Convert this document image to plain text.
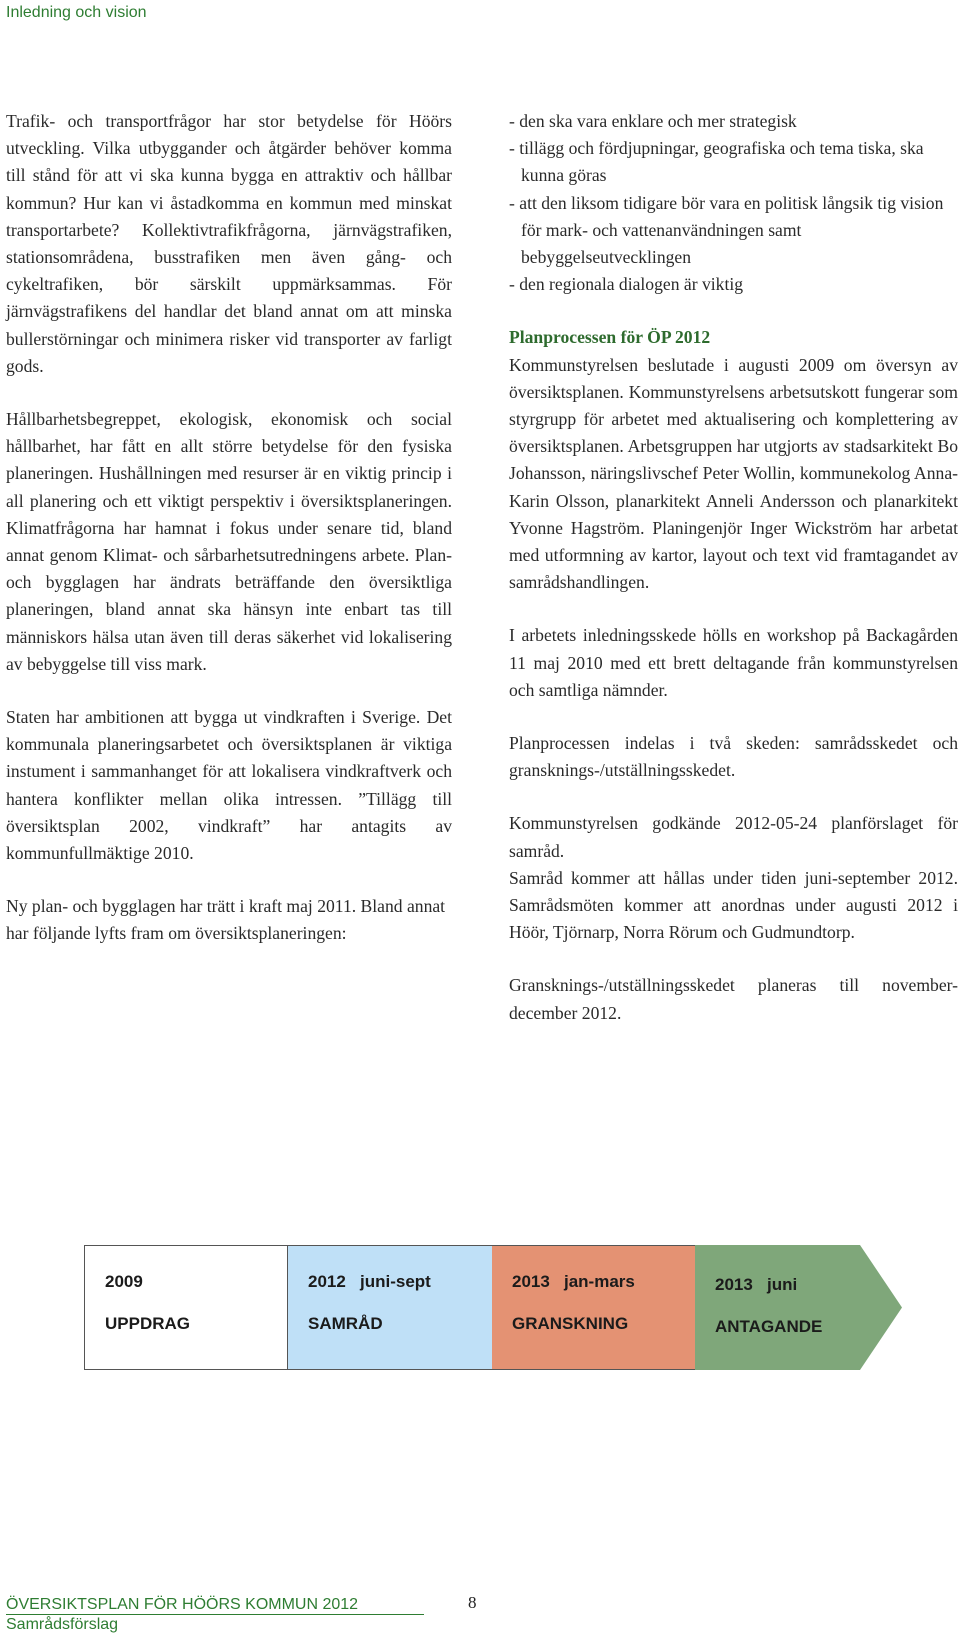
Inledning och vision

Trafik- och transportfrågor har stor betydelse för Höörs utveckling. Vilka utbyggander och åtgärder behöver komma till stånd för att vi ska kunna bygga en attraktiv och hållbar kommun? Hur kan vi åstadkomma en kommun med minskat transportarbete? Kollektivtrafikfrågorna, järnvägstrafiken, stationsområdena, busstrafiken men även gång- och cykeltrafiken, bör särskilt uppmärksammas. För järnvägstrafikens del handlar det bland annat om att minska bullerstörningar och minimera risker vid transporter av farligt gods.

Hållbarhetsbegreppet, ekologisk, ekonomisk och social hållbarhet, har fått en allt större betydelse för den fysiska planeringen. Hushållningen med resurser är en viktig princip i all planering och ett viktigt perspektiv i översiktsplaneringen. Klimatfrågorna har hamnat i fokus under senare tid, bland annat genom Klimat- och sårbarhetsutredningens arbete. Plan- och bygglagen har ändrats beträffande den översiktliga planeringen, bland annat ska hänsyn inte enbart tas till människors hälsa utan även till deras säkerhet vid lokalisering av bebyggelse till viss mark.

Staten har ambitionen att bygga ut vindkraften i Sverige. Det kommunala planeringsarbetet och översiktsplanen är viktiga instument i sammanhanget för att lokalisera vindkraftverk och hantera konflikter mellan olika intressen. ”Tillägg till översiktsplan 2002, vindkraft” har antagits av kommunfullmäktige 2010.

Ny plan- och bygglagen har trätt i kraft maj 2011. Bland annat har följande lyfts fram om översiktsplaneringen:

- den ska vara enklare och mer strategisk
- tillägg och fördjupningar, geografiska och tema tiska, ska kunna göras
- att den liksom tidigare bör vara en politisk långsik tig vision för mark- och vattenanvändningen samt bebyggelseutvecklingen
- den regionala dialogen är viktig
Planprocessen för ÖP 2012

Kommunstyrelsen beslutade i augusti 2009 om översyn av översiktsplanen. Kommunstyrelsens arbetsutskott fungerar som styrgrupp för arbetet med aktualisering och komplettering av översiktsplanen. Arbetsgruppen har utgjorts av stadsarkitekt Bo Johansson, näringslivschef Peter Wollin, kommunekolog Anna-Karin Olsson, planarkitekt Anneli Andersson och planarkitekt Yvonne Hagström. Planingenjör Inger Wickström har arbetat med utformning av kartor, layout och text vid framtagandet av samrådshandlingen.

I arbetets inledningsskede hölls en workshop på Backagården 11 maj 2010 med ett brett deltagande från kommunstyrelsen och samtliga nämnder.

Planprocessen indelas i två skeden: samrådsskedet och gransknings-/utställningsskedet.

Kommunstyrelsen godkände 2012-05-24 planförslaget för samråd.

Samråd kommer att hållas under tiden juni-september 2012. Samrådsmöten kommer att anordnas under augusti 2012 i Höör, Tjörnarp, Norra Rörum och Gudmundtorp.

Gransknings-/utställningsskedet planeras till november-december 2012.

2009
UPPDRAG
2012   juni-sept
SAMRÅD
2013   jan-mars
GRANSKNING
2013   juni
ANTAGANDE
ÖVERSIKTSPLAN FÖR HÖÖRS KOMMUN 2012
Samrådsförslag
8
